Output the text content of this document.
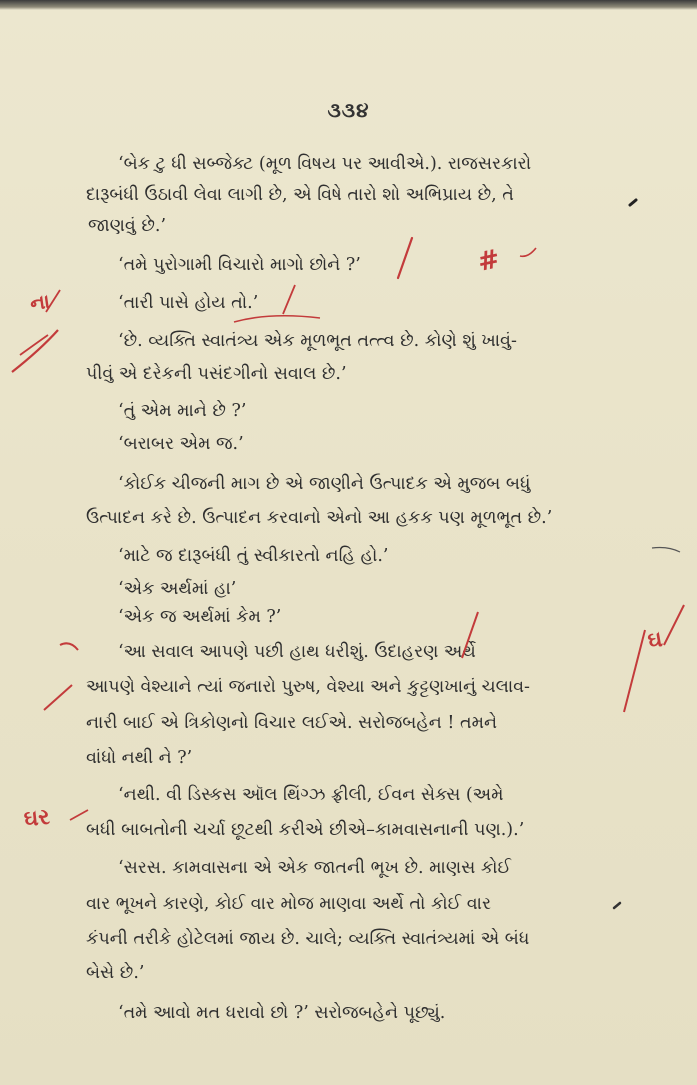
૩૩૪
‘બેક ટુ ધી સબ્જેક્ટ (મૂળ વિષય પર આવીએ.). રાજસરકારો
દારૂબંધી ઉઠાવી લેવા લાગી છે, એ વિષે તારો શો અભિપ્રાય છે, તે
જાણવું છે.’
‘તમે પુરોગામી વિચારો માગો છોને ?’
‘તારી પાસે હોય તો.’
‘છે. વ્યક્તિ સ્વાતંત્ર્ય એક મૂળભૂત તત્ત્વ છે. કોણે શું ખાવું-
પીવું એ દરેકની પસંદગીનો સવાલ છે.’
‘તું એમ માને છે ?’
‘બરાબર એમ જ.’
‘કોઈક ચીજની માગ છે એ જાણીને ઉત્પાદક એ મુજબ બધું
ઉત્પાદન કરે છે. ઉત્પાદન કરવાનો એનો આ હકક પણ મૂળભૂત છે.’
‘માટે જ દારૂબંધી તું સ્વીકારતો નહિ હો.’
‘એક અર્થમાં હા’
‘એક જ અર્થમાં કેમ ?’
‘આ સવાલ આપણે પછી હાથ ધરીશું. ઉદાહરણ અર્થે
આપણે વેશ્યાને ત્યાં જનારો પુરુષ, વેશ્યા અને કુટ્ટણખાનું ચલાવ-
નારી બાઈ એ ત્રિકોણનો વિચાર લઈએ. સરોજબહેન ! તમને
વાંધો નથી ને ?’
‘નથી. વી ડિસ્કસ ઑલ થિંગ્ઝ ફ્રીલી, ઈવન સેક્સ (અમે
બધી બાબતોની ચર્ચા છૂટથી કરીએ છીએ–કામવાસનાની પણ.).’
‘સરસ. કામવાસના એ એક જાતની ભૂખ છે. માણસ કોઈ
વાર ભૂખને કારણે, કોઈ વાર મોજ માણવા અર્થે તો કોઈ વાર
કંપની તરીકે હોટેલમાં જાય છે. ચાલે; વ્યક્તિ સ્વાતંત્ર્યમાં એ બંધ
બેસે છે.’
‘તમે આવો મત ધરાવો છો ?’ સરોજબહેને પૂછ્યું.
ના
ઘર
ઘ
#
